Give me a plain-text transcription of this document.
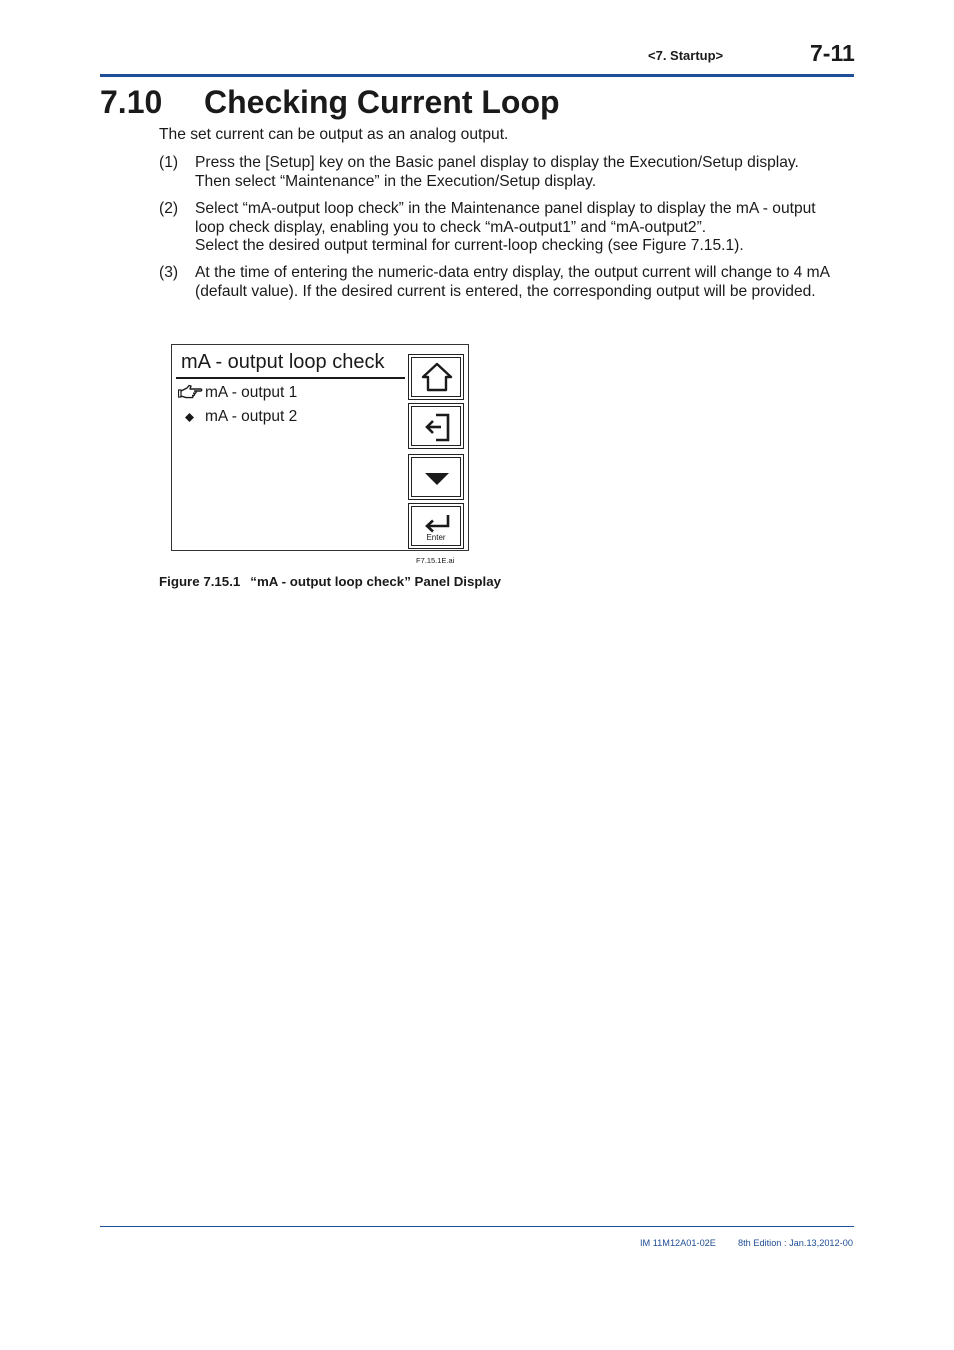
<7. Startup>	7-11
7.10 Checking Current Loop
The set current can be output as an analog output.
(1) Press the [Setup] key on the Basic panel display to display the Execution/Setup display.
Then select “Maintenance” in the Execution/Setup display.
(2) Select “mA-output loop check” in the Maintenance panel display to display the mA - output
loop check display, enabling you to check “mA-output1” and “mA-output2”.
Select the desired output terminal for current-loop checking (see Figure 7.15.1).
(3) At the time of entering the numeric-data entry display, the output current will change to 4 mA
(default value). If the desired current is entered, the corresponding output will be provided.
mA - output loop check
mA - output 1
mA - output 2
Enter
F7.15.1E.ai
Figure 7.15.1 “mA - output loop check” Panel Display
IM 11M12A01-02E 8th Edition : Jan.13,2012-00
